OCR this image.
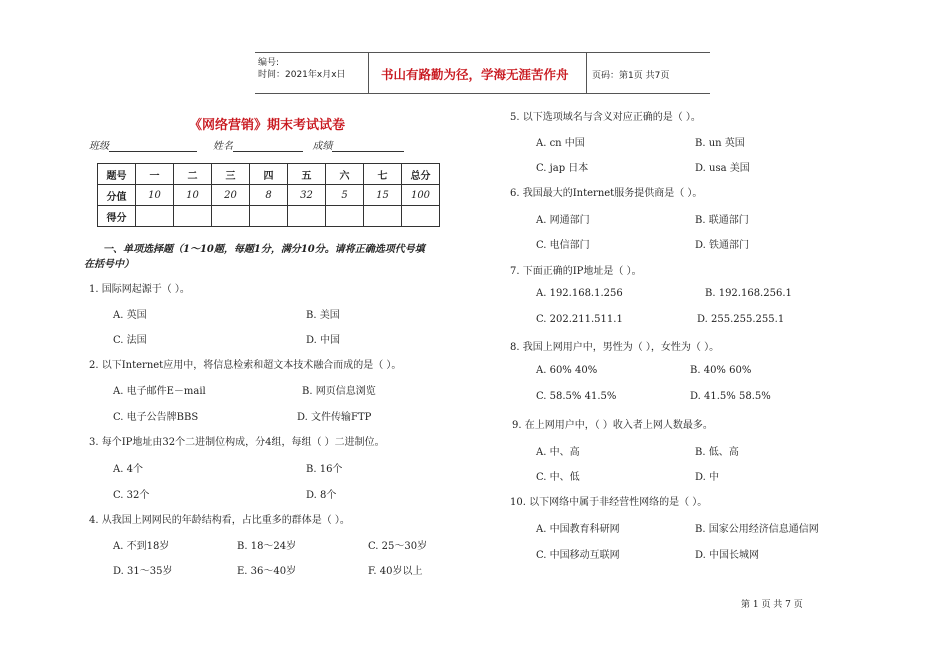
编号:
时间：2021年x月x日	书山有路勤为径，学海无涯苦作舟	页码：第1页 共7页
《网络营销》期末考试试卷
班级	姓名	成绩
题号	一	二	三	四	五	六	七	总分
分值	10	10	20	8	32	5	15	100
得分								
一、单项选择题（1～10题，每题1分，满分10分。请将正确选项代号填
在括号中）
1. 国际网起源于（ ）。
A. 英国	B. 美国
C. 法国	D. 中国
2. 以下Internet应用中，将信息检索和超文本技术融合而成的是（ ）。
A. 电子邮件E－mail	B. 网页信息浏览
C. 电子公告牌BBS	D. 文件传输FTP
3. 每个IP地址由32个二进制位构成，分4组，每组（ ）二进制位。
A. 4个	B. 16个
C. 32个	D. 8个
4. 从我国上网网民的年龄结构看，占比重多的群体是（ ）。
A. 不到18岁	B. 18～24岁	C. 25～30岁
D. 31～35岁	E. 36～40岁	F. 40岁以上
5. 以下选项域名与含义对应正确的是（ ）。
A. cn 中国	B. un 英国
C. jap 日本	D. usa 美国
6. 我国最大的Internet服务提供商是（ ）。
A. 网通部门	B. 联通部门
C. 电信部门	D. 铁通部门
7. 下面正确的IP地址是（ ）。
A. 192.168.1.256	B. 192.168.256.1
C. 202.211.511.1	D. 255.255.255.1
8. 我国上网用户中，男性为（ ），女性为（ ）。
A. 60% 40%	B. 40% 60%
C. 58.5% 41.5%	D. 41.5% 58.5%
9. 在上网用户中，（ ）收入者上网人数最多。
A. 中、高	B. 低、高
C. 中、低	D. 中
10. 以下网络中属于非经营性网络的是（ ）。
A. 中国教育科研网	B. 国家公用经济信息通信网
C. 中国移动互联网	D. 中国长城网
第 1 页 共 7 页
